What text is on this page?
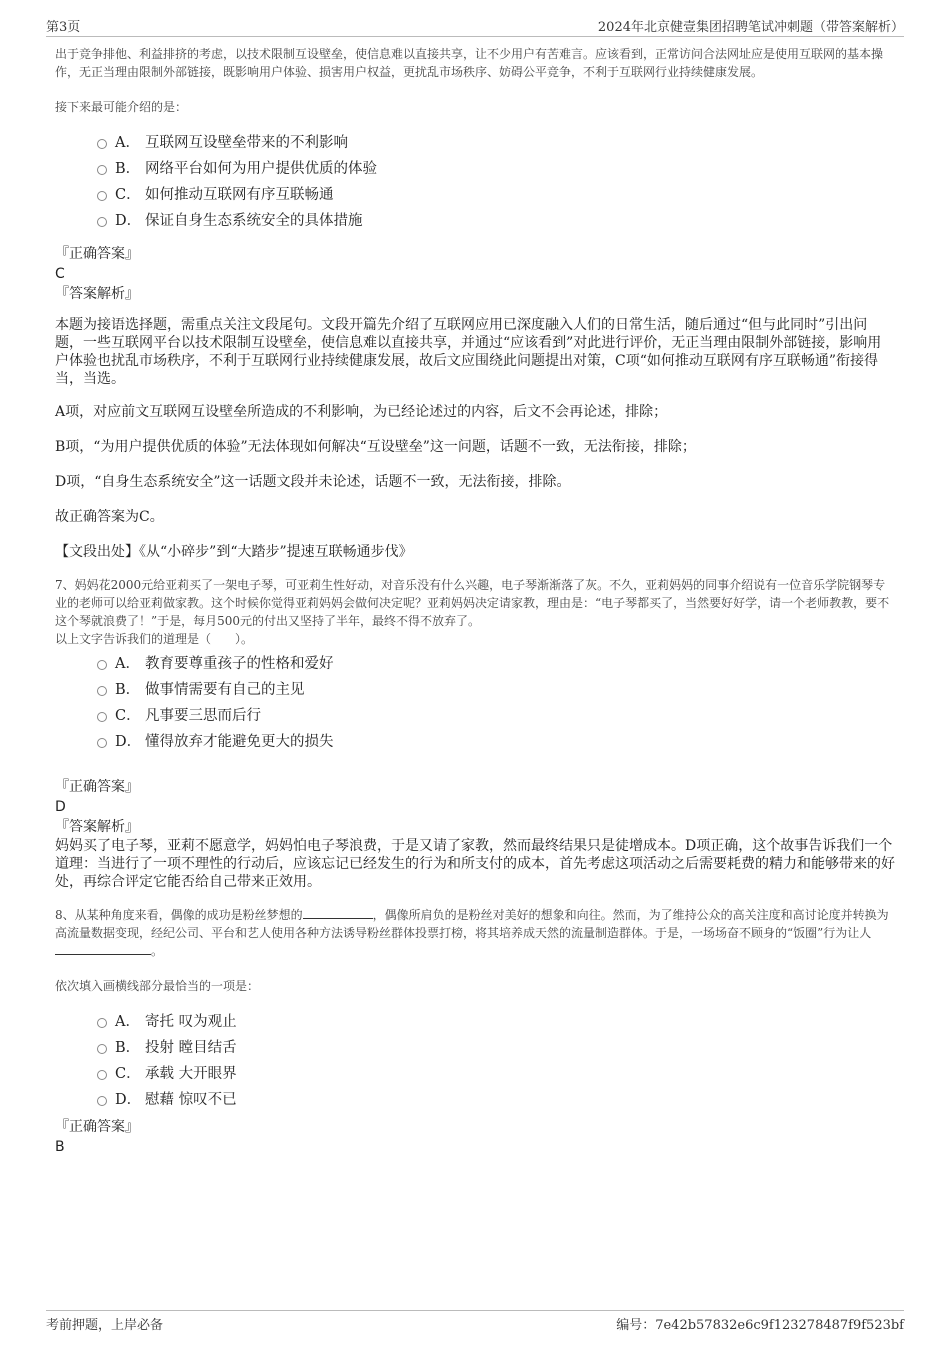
第3页	2024年北京健壹集团招聘笔试冲刺题（带答案解析）

出于竞争排他、利益排挤的考虑，以技术限制互设壁垒，使信息难以直接共享，让不少用户有苦难言。应该看到，正常访问合法网址应是使用互联网的基本操作，无正当理由限制外部链接，既影响用户体验、损害用户权益，更扰乱市场秩序、妨碍公平竞争，不利于互联网行业持续健康发展。

接下来最可能介绍的是：

A． 互联网互设壁垒带来的不利影响
B． 网络平台如何为用户提供优质的体验
C． 如何推动互联网有序互联畅通
D． 保证自身生态系统安全的具体措施

『正确答案』

C

『答案解析』

本题为接语选择题，需重点关注文段尾句。文段开篇先介绍了互联网应用已深度融入人们的日常生活，随后通过“但与此同时”引出问题，一些互联网平台以技术限制互设壁垒，使信息难以直接共享，并通过“应该看到”对此进行评价，无正当理由限制外部链接，影响用户体验也扰乱市场秩序，不利于互联网行业持续健康发展，故后文应围绕此问题提出对策，C项“如何推动互联网有序互联畅通”衔接得当，当选。

A项，对应前文互联网互设壁垒所造成的不利影响，为已经论述过的内容，后文不会再论述，排除；

B项，“为用户提供优质的体验”无法体现如何解决“互设壁垒”这一问题，话题不一致，无法衔接，排除；

D项，“自身生态系统安全”这一话题文段并未论述，话题不一致，无法衔接，排除。

故正确答案为C。

【文段出处】《从“小碎步”到“大踏步”提速互联畅通步伐》

7、妈妈花2000元给亚莉买了一架电子琴，可亚莉生性好动，对音乐没有什么兴趣，电子琴渐渐落了灰。不久，亚莉妈妈的同事介绍说有一位音乐学院钢琴专业的老师可以给亚莉做家教。这个时候你觉得亚莉妈妈会做何决定呢？亚莉妈妈决定请家教，理由是：“电子琴都买了，当然要好好学，请一个老师教教，要不这个琴就浪费了！”于是，每月500元的付出又坚持了半年，最终不得不放弃了。

以上文字告诉我们的道理是（　　）。

A． 教育要尊重孩子的性格和爱好
B． 做事情需要有自己的主见
C． 凡事要三思而后行
D． 懂得放弃才能避免更大的损失

『正确答案』

D

『答案解析』

妈妈买了电子琴，亚莉不愿意学，妈妈怕电子琴浪费，于是又请了家教，然而最终结果只是徒增成本。D项正确，这个故事告诉我们一个道理：当进行了一项不理性的行动后，应该忘记已经发生的行为和所支付的成本，首先考虑这项活动之后需要耗费的精力和能够带来的好处，再综合评定它能否给自己带来正效用。

8、从某种角度来看，偶像的成功是粉丝梦想的	，偶像所肩负的是粉丝对美好的想象和向往。然而，为了维持公众的高关注度和高讨论度并转换为高流量数据变现，经纪公司、平台和艺人使用各种方法诱导粉丝群体投票打榜，将其培养成天然的流量制造群体。于是，一场场奋不顾身的“饭圈”行为让人。

依次填入画横线部分最恰当的一项是：

A． 寄托 叹为观止
B． 投射 瞠目结舌
C． 承载 大开眼界
D． 慰藉 惊叹不已

『正确答案』

B

考前押题，上岸必备	编号：7e42b57832e6c9f123278487f9f523bf
